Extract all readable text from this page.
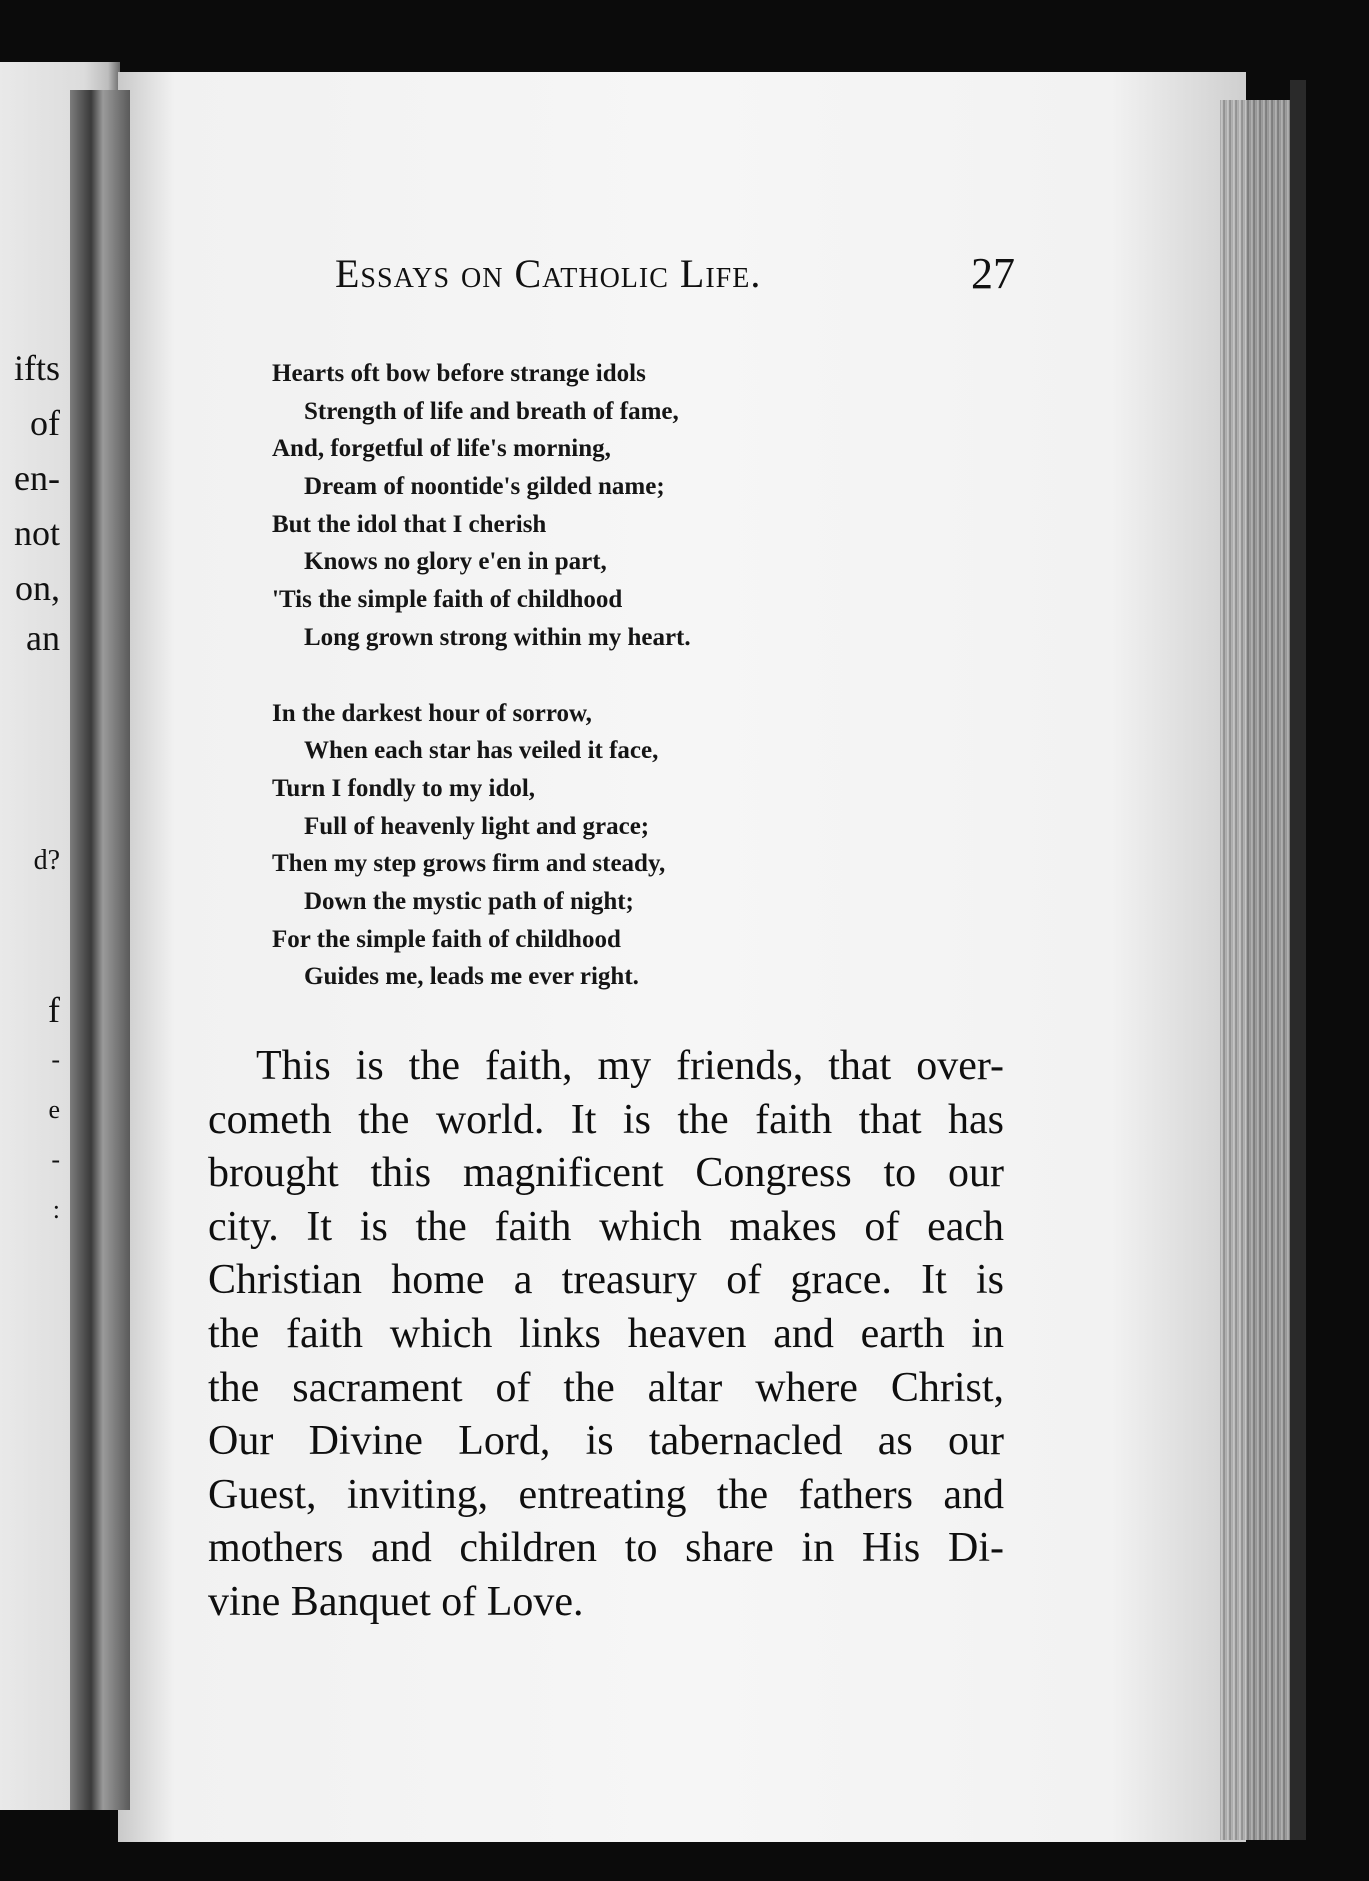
ifts
of
en-
not
on,
an
d?
f
-
e
-
:
Essays on Catholic Life.	27
Hearts oft bow before strange idols
Strength of life and breath of fame,
And, forgetful of life's morning,
Dream of noontide's gilded name;
But the idol that I cherish
Knows no glory e'en in part,
'Tis the simple faith of childhood
Long grown strong within my heart.
In the darkest hour of sorrow,
When each star has veiled it face,
Turn I fondly to my idol,
Full of heavenly light and grace;
Then my step grows firm and steady,
Down the mystic path of night;
For the simple faith of childhood
Guides me, leads me ever right.
This is the faith, my friends, that over-
cometh the world. It is the faith that has
brought this magnificent Congress to our
city. It is the faith which makes of each
Christian home a treasury of grace. It is
the faith which links heaven and earth in
the sacrament of the altar where Christ,
Our Divine Lord, is tabernacled as our
Guest, inviting, entreating the fathers and
mothers and children to share in His Di-
vine Banquet of Love.
